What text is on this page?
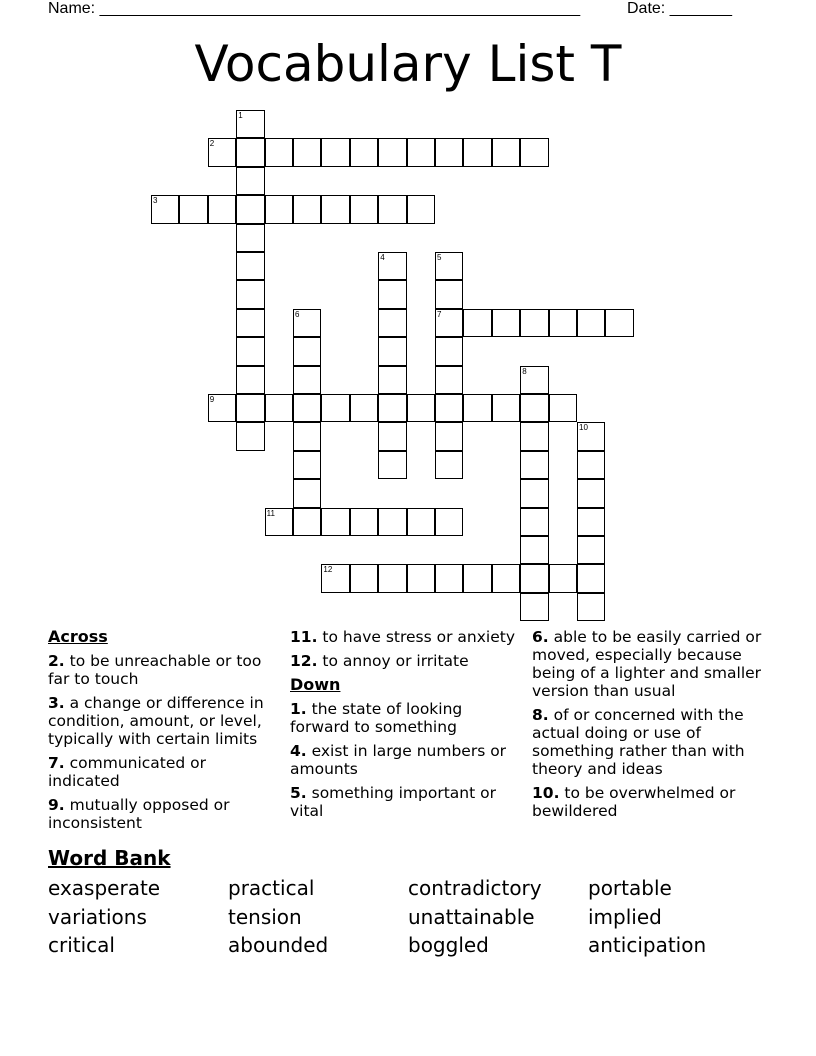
Name: ______________________________________________________	Date: _______
Vocabulary List T
1
2
3
4	5
7
6
8
9
10
11
12
Across
2. to be unreachable or too far to touch
3. a change or difference in condition, amount, or level, typically with certain limits
7. communicated or indicated
9. mutually opposed or inconsistent
11. to have stress or anxiety
12. to annoy or irritate
Down
1. the state of looking forward to something
4. exist in large numbers or amounts
5. something important or vital
6. able to be easily carried or moved, especially because being of a lighter and smaller version than usual
8. of or concerned with the actual doing or use of something rather than with theory and ideas
10. to be overwhelmed or bewildered
Word Bank
exasperate	practical	contradictory	portable
variations	tension	unattainable	implied
critical	abounded	boggled	anticipation
